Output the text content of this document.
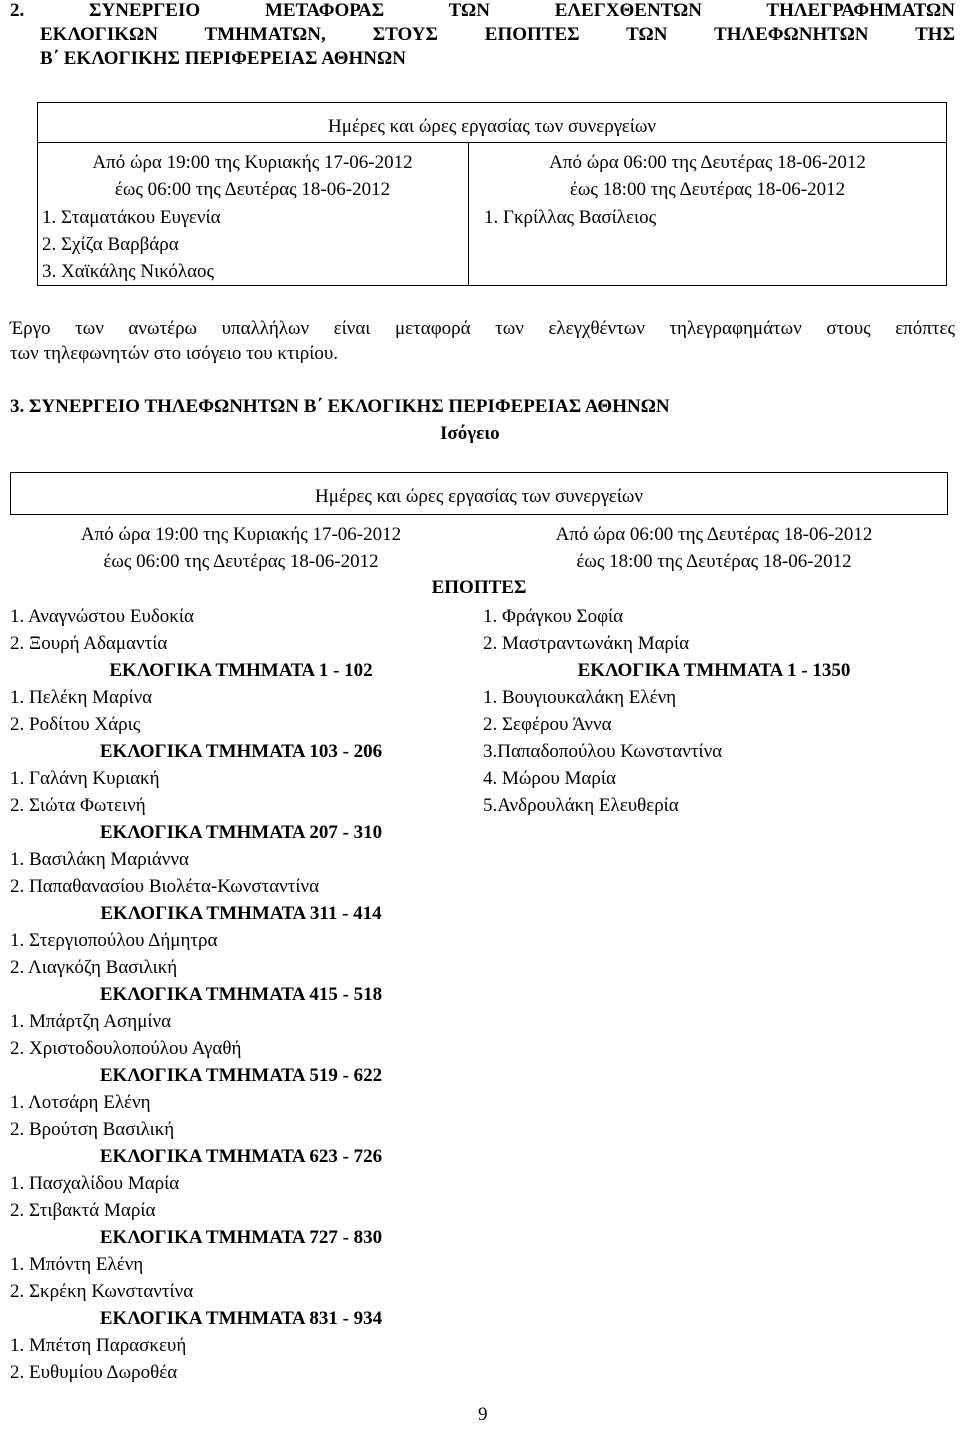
2. ΣΥΝΕΡΓΕΙΟ ΜΕΤΑΦΟΡΑΣ ΤΩΝ ΕΛΕΓΧΘΕΝΤΩΝ ΤΗΛΕΓΡΑΦΗΜΑΤΩΝ
ΕΚΛΟΓΙΚΩΝ ΤΜΗΜΑΤΩΝ, ΣΤΟΥΣ ΕΠΟΠΤΕΣ ΤΩΝ ΤΗΛΕΦΩΝΗΤΩΝ ΤΗΣ
Β΄ ΕΚΛΟΓΙΚΗΣ ΠΕΡΙΦΕΡΕΙΑΣ ΑΘΗΝΩΝ
Ημέρες και ώρες εργασίας των συνεργείων
Από ώρα 19:00 της Κυριακής 17-06-2012
έως 06:00 της Δευτέρας 18-06-2012
Από ώρα 06:00 της Δευτέρας 18-06-2012
έως 18:00 της Δευτέρας 18-06-2012
1. Σταματάκου Ευγενία
2. Σχίζα Βαρβάρα
3. Χαϊκάλης Νικόλαος
1. Γκρίλλας Βασίλειος
Έργο των ανωτέρω υπαλλήλων είναι μεταφορά των ελεγχθέντων τηλεγραφημάτων στους επόπτες
των τηλεφωνητών στο ισόγειο του κτιρίου.
3. ΣΥΝΕΡΓΕΙΟ ΤΗΛΕΦΩΝΗΤΩΝ Β΄ ΕΚΛΟΓΙΚΗΣ ΠΕΡΙΦΕΡΕΙΑΣ ΑΘΗΝΩΝ
Ισόγειο
Ημέρες και ώρες εργασίας των συνεργείων
Από ώρα 19:00 της Κυριακής 17-06-2012
έως 06:00 της Δευτέρας 18-06-2012
Από ώρα 06:00 της Δευτέρας 18-06-2012
έως 18:00 της Δευτέρας 18-06-2012
ΕΠΟΠΤΕΣ
1. Αναγνώστου Ευδοκία
2. Ξουρή Αδαμαντία
1. Φράγκου Σοφία
2. Μαστραντωνάκη Μαρία
ΕΚΛΟΓΙΚΑ ΤΜΗΜΑΤΑ 1 - 102
1. Πελέκη Μαρίνα
2. Ροδίτου Χάρις
ΕΚΛΟΓΙΚΑ ΤΜΗΜΑΤΑ 103 - 206
1. Γαλάνη Κυριακή
2. Σιώτα Φωτεινή
ΕΚΛΟΓΙΚΑ ΤΜΗΜΑΤΑ 207 - 310
1. Βασιλάκη Μαριάννα
2. Παπαθανασίου Βιολέτα-Κωνσταντίνα
ΕΚΛΟΓΙΚΑ ΤΜΗΜΑΤΑ 311 - 414
1. Στεργιοπούλου Δήμητρα
2. Λιαγκόζη Βασιλική
ΕΚΛΟΓΙΚΑ ΤΜΗΜΑΤΑ 415 - 518
1. Μπάρτζη Ασημίνα
2. Χριστοδουλοπούλου Αγαθή
ΕΚΛΟΓΙΚΑ ΤΜΗΜΑΤΑ 519 - 622
1. Λοτσάρη Ελένη
2. Βρούτση Βασιλική
ΕΚΛΟΓΙΚΑ ΤΜΗΜΑΤΑ 623 - 726
1. Πασχαλίδου Μαρία
2. Στιβακτά Μαρία
ΕΚΛΟΓΙΚΑ ΤΜΗΜΑΤΑ 727 - 830
1. Μπόντη Ελένη
2. Σκρέκη Κωνσταντίνα
ΕΚΛΟΓΙΚΑ ΤΜΗΜΑΤΑ 831 - 934
1. Μπέτση Παρασκευή
2. Ευθυμίου Δωροθέα
ΕΚΛΟΓΙΚΑ ΤΜΗΜΑΤΑ 1 - 1350
1. Βουγιουκαλάκη Ελένη
2. Σεφέρου Άννα
3.Παπαδοπούλου Κωνσταντίνα
4. Μώρου Μαρία
5.Ανδρουλάκη Ελευθερία
9
